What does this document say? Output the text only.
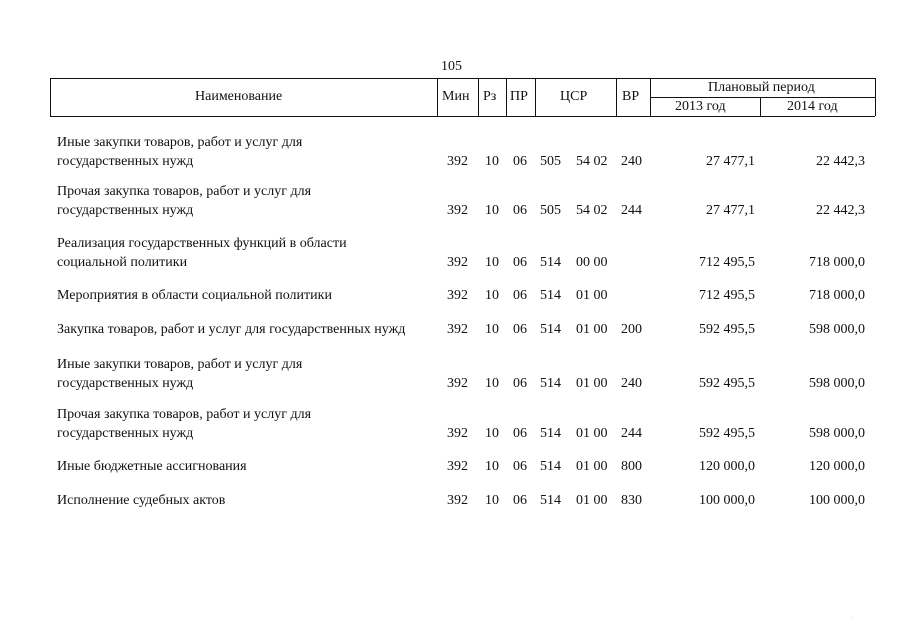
105
Наименование	Мин Рз ПР ЦСР ВР
Плановый период
2013 год	2014 год
Иные закупки товаров, работ и услуг для
государственных нужд	392 10 06 505 54 02 240	27 477,1	22 442,3
Прочая закупка товаров, работ и услуг для
государственных нужд	392 10 06 505 54 02 244	27 477,1	22 442,3
Реализация государственных функций в области
социальной политики	392 10 06 514 00 00	712 495,5	718 000,0
Мероприятия в области социальной политики	392 10 06 514 01 00	712 495,5	718 000,0
Закупка товаров, работ и услуг для государственных нужд	392 10 06 514 01 00 200	592 495,5	598 000,0
Иные закупки товаров, работ и услуг для
государственных нужд	392 10 06 514 01 00 240	592 495,5	598 000,0
Прочая закупка товаров, работ и услуг для
государственных нужд	392 10 06 514 01 00 244	592 495,5	598 000,0
Иные бюджетные ассигнования	392 10 06 514 01 00 800	120 000,0	120 000,0
Исполнение судебных актов	392 10 06 514 01 00 830	100 000,0	100 000,0
·
